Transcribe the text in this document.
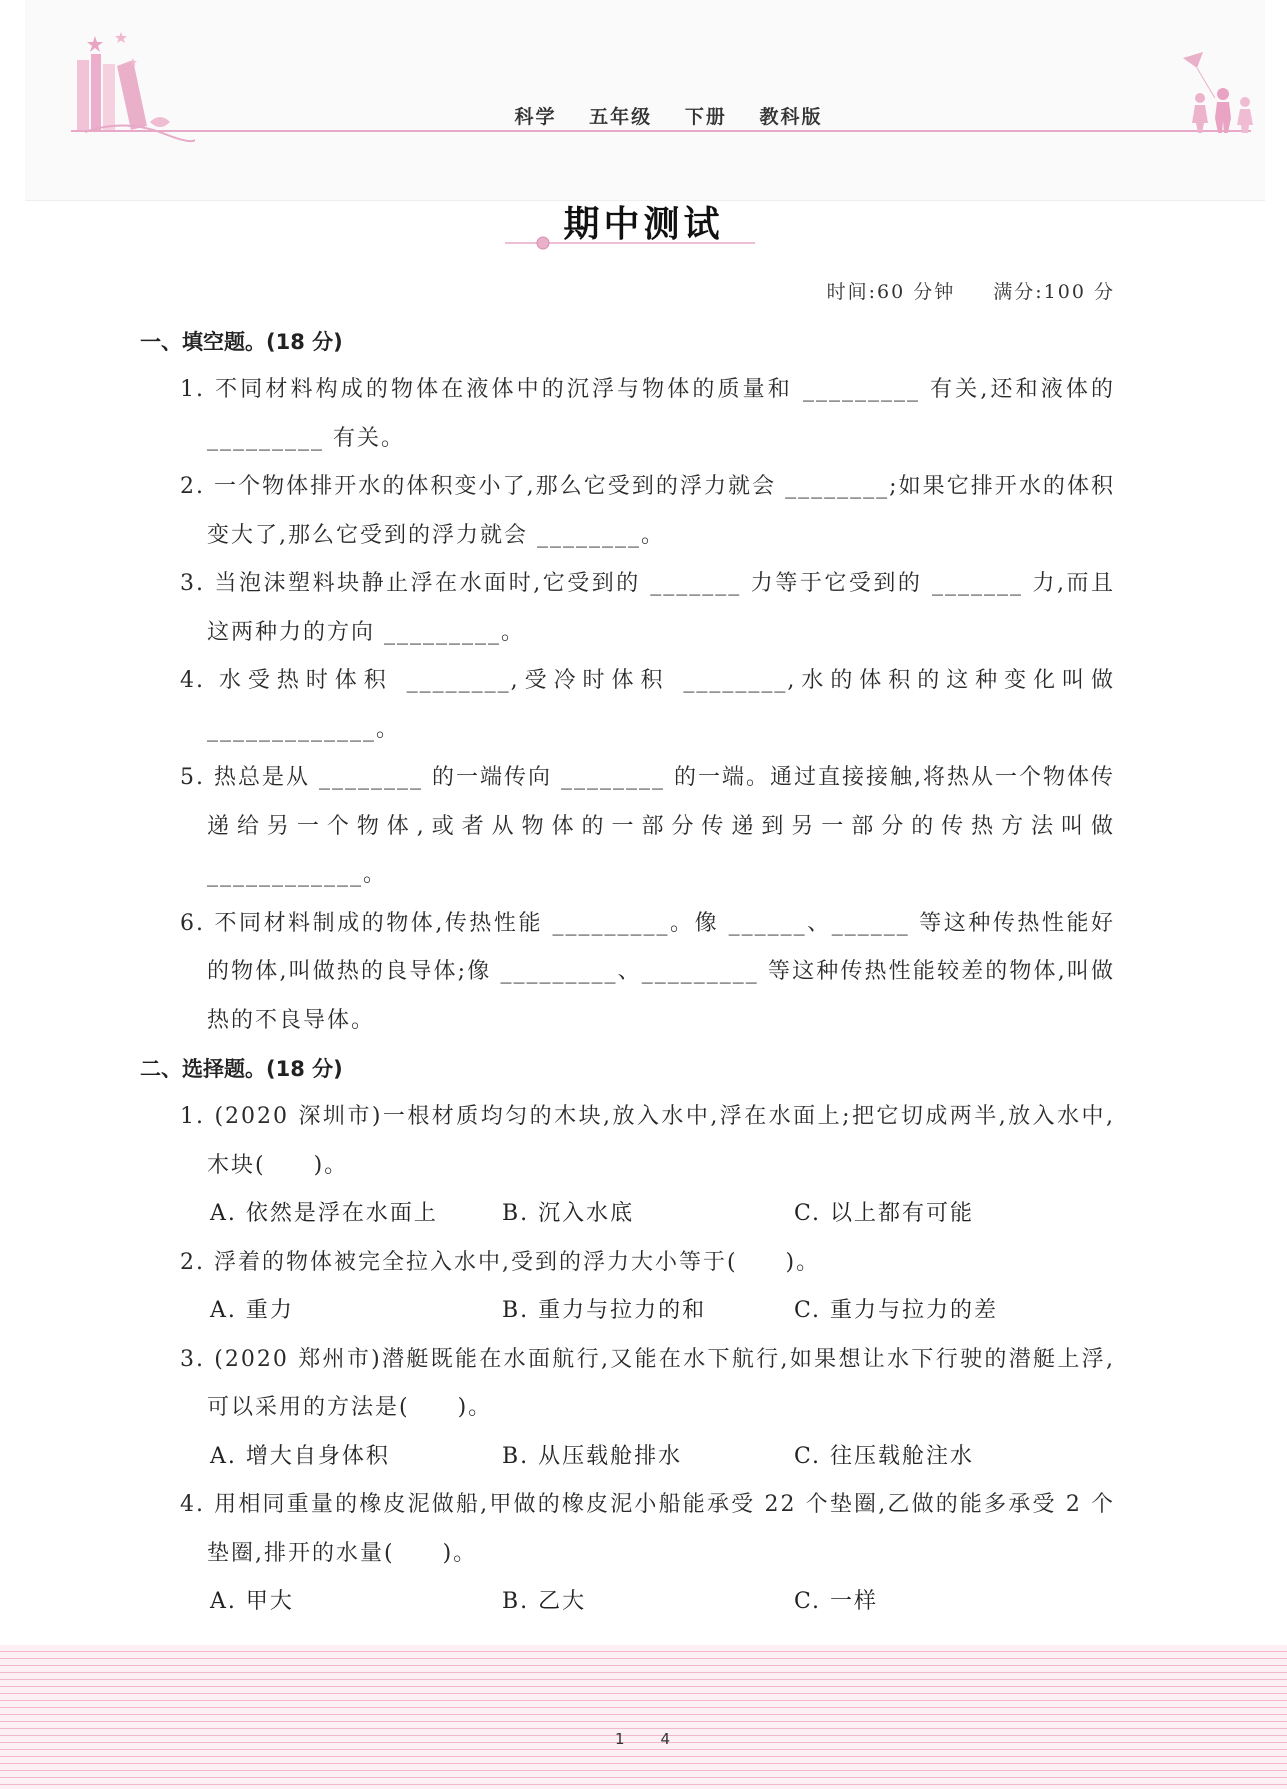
科学 五年级 下册 教科版
期中测试
时间:60 分钟 满分:100 分
一、填空题。(18 分)
1. 不同材料构成的物体在液体中的沉浮与物体的质量和 _________ 有关,还和液体的 _________ 有关。
2. 一个物体排开水的体积变小了,那么它受到的浮力就会 ________;如果它排开水的体积变大了,那么它受到的浮力就会 ________。
3. 当泡沫塑料块静止浮在水面时,它受到的 _______ 力等于它受到的 _______ 力,而且这两种力的方向 _________。
4. 水受热时体积 ________,受冷时体积 ________,水的体积的这种变化叫做 _____________。
5. 热总是从 ________ 的一端传向 ________ 的一端。通过直接接触,将热从一个物体传递给另一个物体,或者从物体的一部分传递到另一部分的传热方法叫做 ____________。
6. 不同材料制成的物体,传热性能 _________。像 ______、______ 等这种传热性能好的物体,叫做热的良导体;像 _________、_________ 等这种传热性能较差的物体,叫做热的不良导体。
二、选择题。(18 分)
1. (2020 深圳市)一根材质均匀的木块,放入水中,浮在水面上;把它切成两半,放入水中,木块(　　)。
A. 依然是浮在水面上	B. 沉入水底	C. 以上都有可能
2. 浮着的物体被完全拉入水中,受到的浮力大小等于(　　)。
A. 重力	B. 重力与拉力的和	C. 重力与拉力的差
3. (2020 郑州市)潜艇既能在水面航行,又能在水下航行,如果想让水下行驶的潜艇上浮,可以采用的方法是(　　)。
A. 增大自身体积	B. 从压载舱排水	C. 往压载舱注水
4. 用相同重量的橡皮泥做船,甲做的橡皮泥小船能承受 22 个垫圈,乙做的能多承受 2 个垫圈,排开的水量(　　)。
A. 甲大	B. 乙大	C. 一样
1　　4
